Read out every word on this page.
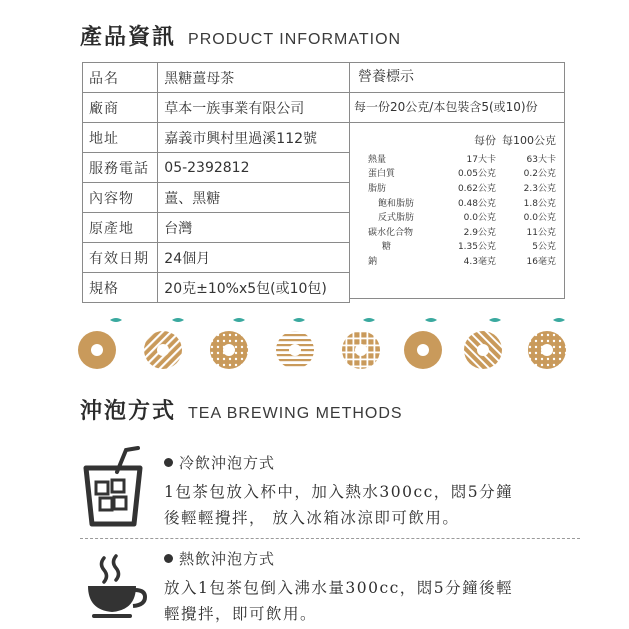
產品資訊 PRODUCT INFORMATION
品名	黑糖薑母茶
廠商	草本一族事業有限公司
地址	嘉義市興村里過溪112號
服務電話	05-2392812
內容物	薑、黑糖
原產地	台灣
有效日期	24個月
規格	20克±10%x5包(或10包)
營養標示
每一份20公克/本包裝含5(或10)份
每份 每100公克
熱量	17大卡	63大卡
蛋白質	0.05公克	0.2公克
脂肪	0.62公克	2.3公克
飽和脂肪	0.48公克	1.8公克
反式脂肪	0.0公克	0.0公克
碳水化合物	2.9公克	11公克
糖	1.35公克	5公克
鈉	4.3毫克	16毫克
沖泡方式 TEA BREWING METHODS
冷飲沖泡方式
1包茶包放入杯中，加入熱水300cc，悶5分鐘
後輕輕攪拌， 放入冰箱冰涼即可飲用。
熱飲沖泡方式
放入1包茶包倒入沸水量300cc，悶5分鐘後輕
輕攪拌，即可飲用。
